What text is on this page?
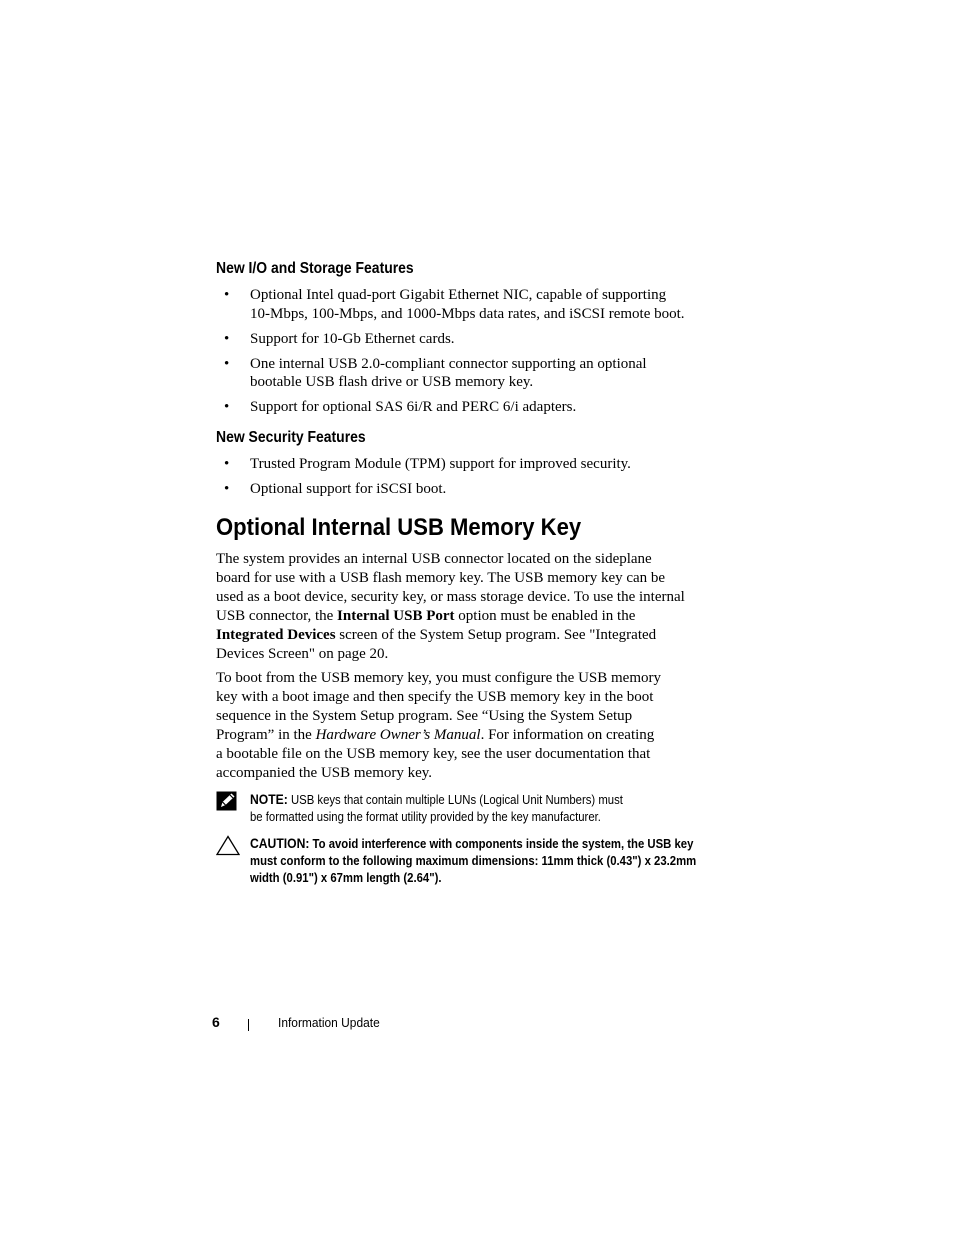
New I/O and Storage Features
• Optional Intel quad-port Gigabit Ethernet NIC, capable of supporting
10-Mbps, 100-Mbps, and 1000-Mbps data rates, and iSCSI remote boot.
• Support for 10-Gb Ethernet cards.
• One internal USB 2.0-compliant connector supporting an optional
bootable USB flash drive or USB memory key.
• Support for optional SAS 6i/R and PERC 6/i adapters.
New Security Features
• Trusted Program Module (TPM) support for improved security.
• Optional support for iSCSI boot.
Optional Internal USB Memory Key

The system provides an internal USB connector located on the sideplane
board for use with a USB flash memory key. The USB memory key can be
used as a boot device, security key, or mass storage device. To use the internal
USB connector, the Internal USB Port option must be enabled in the
Integrated Devices screen of the System Setup program. See "Integrated
Devices Screen" on page 20.

To boot from the USB memory key, you must configure the USB memory
key with a boot image and then specify the USB memory key in the boot
sequence in the System Setup program. See “Using the System Setup
Program” in the Hardware Owner’s Manual. For information on creating
a bootable file on the USB memory key, see the user documentation that
accompanied the USB memory key.

NOTE: USB keys that contain multiple LUNs (Logical Unit Numbers) must
be formatted using the format utility provided by the key manufacturer.
CAUTION: To avoid interference with components inside the system, the USB key
must conform to the following maximum dimensions: 11mm thick (0.43") x 23.2mm
width (0.91") x 67mm length (2.64").
6	Information Update
